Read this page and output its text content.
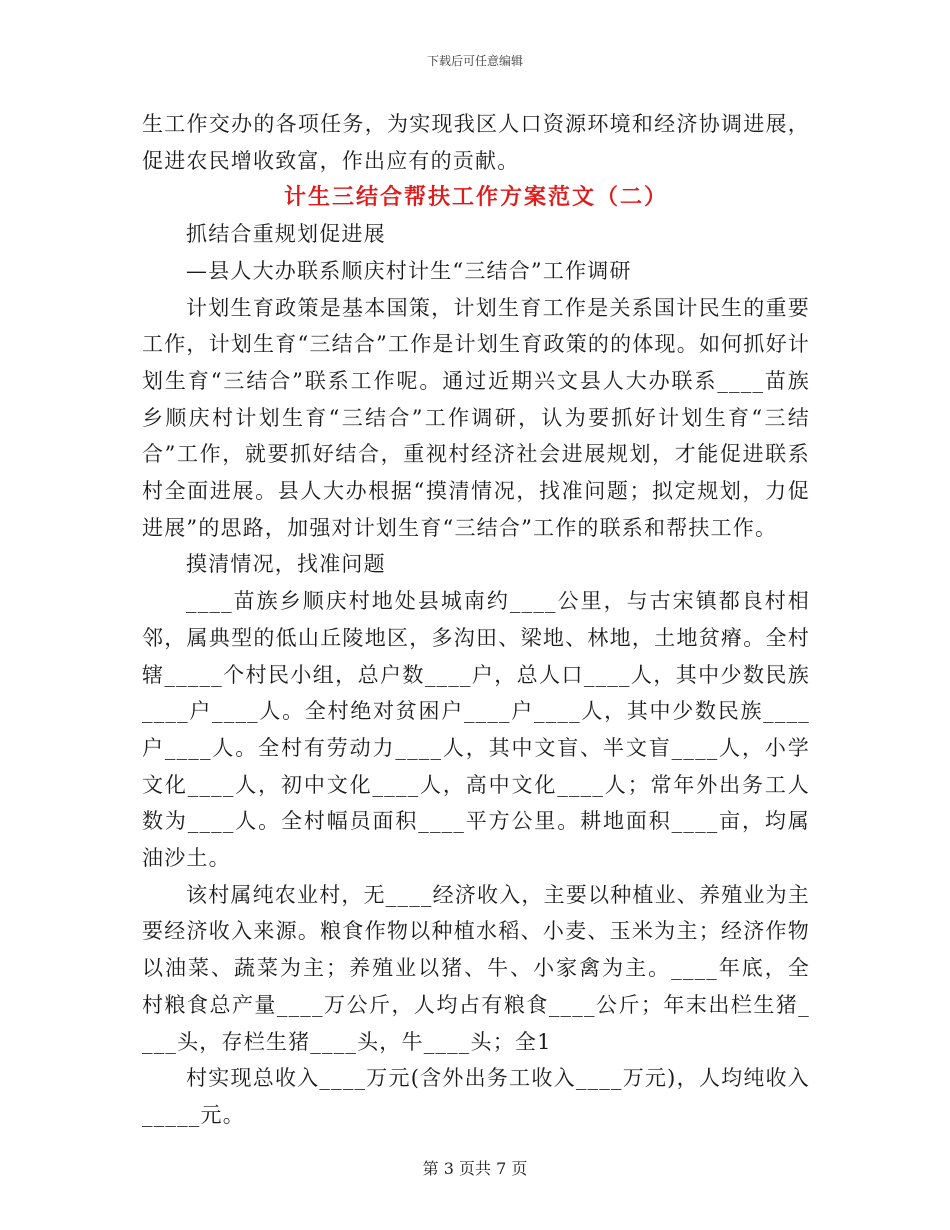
下载后可任意编辑

生工作交办的各项任务，为实现我区人口资源环境和经济协调进展，促进农民增收致富，作出应有的贡献。

计生三结合帮扶工作方案范文（二）

抓结合重规划促进展

—县人大办联系顺庆村计生“三结合”工作调研

计划生育政策是基本国策，计划生育工作是关系国计民生的重要工作，计划生育“三结合”工作是计划生育政策的的体现。如何抓好计划生育“三结合”联系工作呢。通过近期兴文县人大办联系____苗族乡顺庆村计划生育“三结合”工作调研，认为要抓好计划生育“三结合”工作，就要抓好结合，重视村经济社会进展规划，才能促进联系村全面进展。县人大办根据“摸清情况，找准问题；拟定规划，力促进展”的思路，加强对计划生育“三结合”工作的联系和帮扶工作。

摸清情况，找准问题

____苗族乡顺庆村地处县城南约____公里，与古宋镇都良村相邻，属典型的低山丘陵地区，多沟田、梁地、林地，土地贫瘠。全村辖_____个村民小组，总户数____户，总人口____人，其中少数民族____户____人。全村绝对贫困户____户____人，其中少数民族____户____人。全村有劳动力____人，其中文盲、半文盲____人，小学文化____人，初中文化____人，高中文化____人；常年外出务工人数为____人。全村幅员面积____平方公里。耕地面积____亩，均属油沙土。

该村属纯农业村，无____经济收入，主要以种植业、养殖业为主要经济收入来源。粮食作物以种植水稻、小麦、玉米为主；经济作物以油菜、蔬菜为主；养殖业以猪、牛、小家禽为主。____年底，全村粮食总产量____万公斤，人均占有粮食____公斤；年末出栏生猪____头，存栏生猪____头，牛____头；全1

村实现总收入____万元(含外出务工收入____万元)，人均纯收入_____元。

第 3 页共 7 页
